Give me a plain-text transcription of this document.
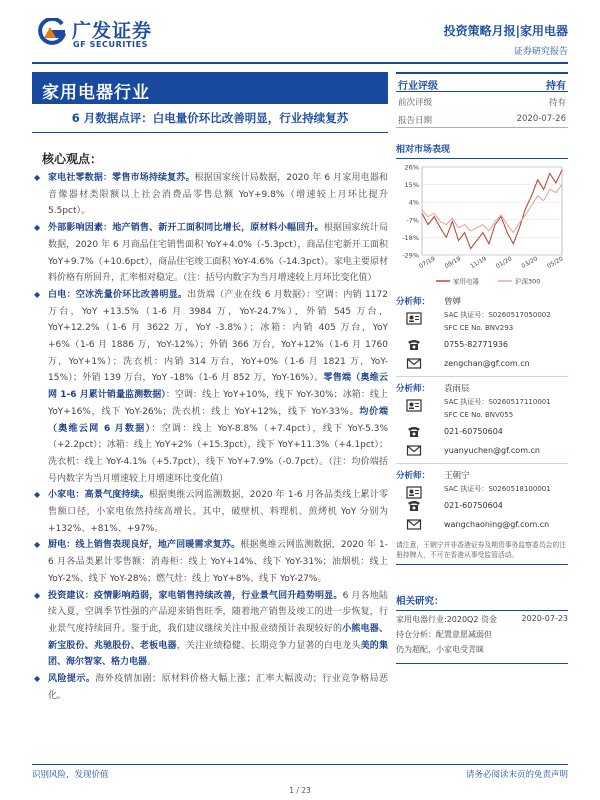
广发证券
GF SECURITIES
投资策略月报|家用电器
证券研究报告
家用电器行业
6 月数据点评：白电量价环比改善明显，行业持续复苏
核心观点：

◆ 家电社零数据：零售市场持续复苏。根据国家统计局数据，2020 年 6 月家用电器和音像器材类限额以上社会消费品零售总额 YoY+9.8%（增速较上月环比提升 5.5pct）。

◆ 外部影响因素：地产销售、新开工面积同比增长，原材料小幅回升。根据国家统计局数据，2020 年 6 月商品住宅销售面积 YoY+4.0%（-5.3pct），商品住宅新开工面积 YoY+9.7%（+10.6pct），商品住宅竣工面积 YoY-4.6%（-14.3pct）。家电主要原材料价格有所回升，汇率相对稳定。（注：括号内数字为当月增速较上月环比变化值）

◆ 白电：空冰洗量价环比改善明显。出货端（产业在线 6 月数据）：空调：内销 1172 万台，YoY +13.5%（1-6 月 3984 万，YoY-24.7%），外销 545 万台，YoY+12.2%（1-6 月 3622 万，YoY -3.8%）；冰箱：内销 405 万台，YoY +6%（1-6 月 1886 万，YoY-12%）；外销 366 万台，YoY+12%（1-6 月 1760 万，YoY+1%）；洗衣机：内销 314 万台，YoY+0%（1-6 月 1821 万，YoY-15%）；外销 139 万台，YoY -18%（1-6 月 852 万，YoY-16%）。零售端（奥维云网 1-6 月累计销量监测数据）：空调：线上 YoY+10%，线下 YoY-30%；冰箱：线上 YoY+16%，线下 YoY-26%；洗衣机：线上 YoY+12%，线下 YoY-33%。均价端（奥维云网 6 月数据）：空调：线上 YoY-8.8%（+7.4pct），线下 YoY-5.3%（+2.2pct）；冰箱：线上 YoY+2%（+15.3pct），线下 YoY+11.3%（+4.1pct）；洗衣机：线上 YoY-4.1%（+5.7pct），线下 YoY+7.9%（-0.7pct）。（注：均价端括号内数字为当月增速较上月增速环比变化值）

◆ 小家电：高景气度持续。根据奥维云网监测数据，2020 年 1-6 月各品类线上累计零售额口径，小家电依然持续高增长。其中，破壁机、料理机、煎烤机 YoY 分别为 +132%、+81%、+97%。

◆ 厨电：线上销售表现良好，地产回暖需求复苏。根据奥维云网监测数据，2020 年 1-6 月各品类累计零售额：消毒柜：线上 YoY+14%、线下 YoY-31%；油烟机：线上 YoY-2%、线下 YoY-28%；燃气灶：线上 YoY+8%、线下 YoY-27%。

◆ 投资建议：疫情影响趋弱，家电销售持续改善，行业景气回升趋势明显。6 月各地陆续入夏，空调季节性强的产品迎来销售旺季，随着地产销售及竣工的进一步恢复，行业景气度持续回升。鉴于此，我们建议继续关注中报业绩预计表现较好的小熊电器、新宝股份、兆驰股份、老板电器，关注业绩稳健、长期竞争力显著的白电龙头美的集团、海尔智家、格力电器。

◆ 风险提示。海外疫情加剧；原材料价格大幅上涨；汇率大幅波动；行业竞争格局恶化。

行业评级	持有
前次评级	持有
报告日期	2020-07-26
相对市场表现
26%
15%
4%
-7%
-18%
-29% 07/19 09/19 11/19 01/20 03/20 05/20
家用电器	沪深300
分析师： 曾婵
SAC 执证号：S0260517050002
SFC CE No. BNV293
0755-82771936
zengchan@gf.com.cn
分析师： 袁雨辰
SAC 执证号：S0260517110001
SFC CE No. BNV055
021-60750604
yuanyuchen@gf.com.cn
分析师： 王朝宁
SAC 执证号：S0260518100001
021-60750604
wangchaoning@gf.com.cn
请注意，王朝宁并非香港证券及期货事务监察委员会的注册持牌人，不可在香港从事受监管活动。
相关研究：
家用电器行业:2020Q2 资金	2020-07-23
持仓分析：配置意愿减弱但
仍为超配，小家电受青睐
识别风险，发现价值	请务必阅读末页的免责声明
1 / 23
